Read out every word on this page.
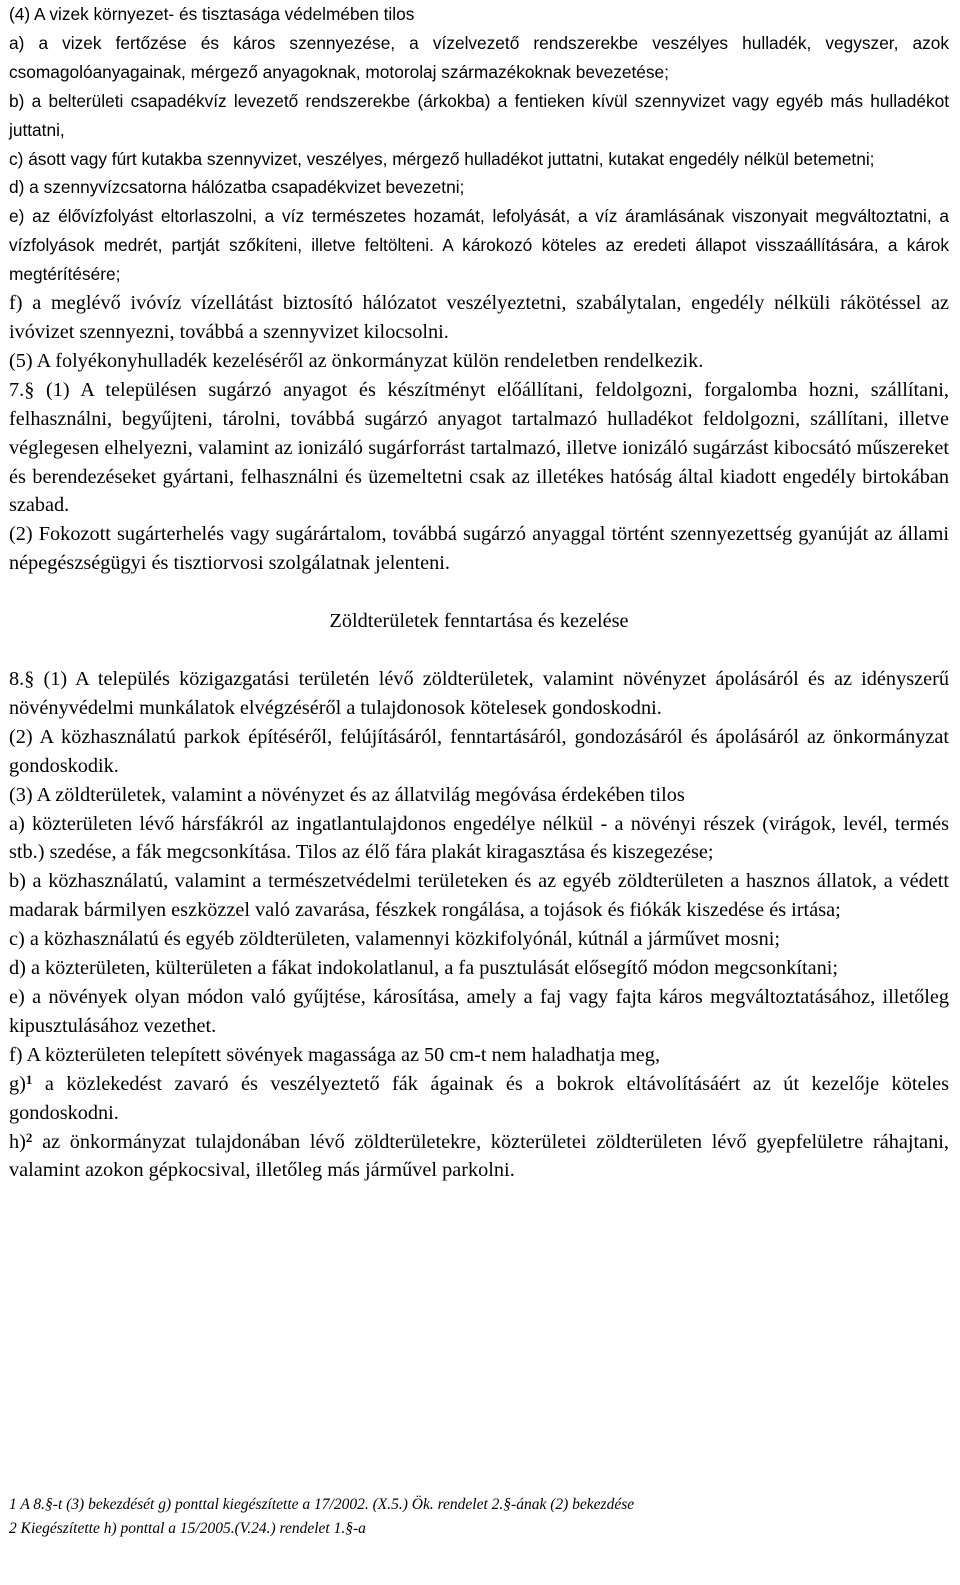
(4) A vizek környezet- és tisztasága védelmében tilos

a) a vizek fertőzése és káros szennyezése, a vízelvezető rendszerekbe veszélyes hulladék, vegyszer, azok csomagolóanyagainak, mérgező anyagoknak, motorolaj származékoknak bevezetése;

b) a belterületi csapadékvíz levezető rendszerekbe (árkokba) a fentieken kívül szennyvizet vagy egyéb más hulladékot juttatni,

c) ásott vagy fúrt kutakba szennyvizet, veszélyes, mérgező hulladékot juttatni, kutakat engedély nélkül betemetni;

d) a szennyvízcsatorna hálózatba csapadékvizet bevezetni;

e) az élővízfolyást eltorlaszolni, a víz természetes hozamát, lefolyását, a víz áramlásának viszonyait megváltoztatni, a vízfolyások medrét, partját szőkíteni, illetve feltölteni. A károkozó köteles az eredeti állapot visszaállítására, a károk megtérítésére;

f) a meglévő ivóvíz vízellátást biztosító hálózatot veszélyeztetni, szabálytalan, engedély nélküli rákötéssel az ivóvizet szennyezni, továbbá a szennyvizet kilocsolni.

(5) A folyékonyhulladék kezeléséről az önkormányzat külön rendeletben rendelkezik.

7.§ (1) A településen sugárzó anyagot és készítményt előállítani, feldolgozni, forgalomba hozni, szállítani, felhasználni, begyűjteni, tárolni, továbbá sugárzó anyagot tartalmazó hulladékot feldolgozni, szállítani, illetve véglegesen elhelyezni, valamint az ionizáló sugárforrást tartalmazó, illetve ionizáló sugárzást kibocsátó műszereket és berendezéseket gyártani, felhasználni és üzemeltetni csak az illetékes hatóság által kiadott engedély birtokában szabad.

(2) Fokozott sugárterhelés vagy sugárártalom, továbbá sugárzó anyaggal történt szennyezettség gyanúját az állami népegészségügyi és tisztiorvosi szolgálatnak jelenteni.

Zöldterületek fenntartása és kezelése

8.§ (1) A település közigazgatási területén lévő zöldterületek, valamint növényzet ápolásáról és az idényszerű növényvédelmi munkálatok elvégzéséről a tulajdonosok kötelesek gondoskodni.

(2) A közhasználatú parkok építéséről, felújításáról, fenntartásáról, gondozásáról és ápolásáról az önkormányzat gondoskodik.

(3) A zöldterületek, valamint a növényzet és az állatvilág megóvása érdekében tilos

a) közterületen lévő hársfákról az ingatlantulajdonos engedélye nélkül - a növényi részek (virágok, levél, termés stb.) szedése, a fák megcsonkítása. Tilos az élő fára plakát kiragasztása és kiszegezése;

b) a közhasználatú, valamint a természetvédelmi területeken és az egyéb zöldterületen a hasznos állatok, a védett madarak bármilyen eszközzel való zavarása, fészkek rongálása, a tojások és fiókák kiszedése és irtása;

c) a közhasználatú és egyéb zöldterületen, valamennyi közkifolyónál, kútnál a járművet mosni;

d) a közterületen, külterületen a fákat indokolatlanul, a fa pusztulását elősegítő módon megcsonkítani;

e) a növények olyan módon való gyűjtése, károsítása, amely a faj vagy fajta káros megváltoztatásához, illetőleg kipusztulásához vezethet.

f) A közterületen telepített sövények magassága az 50 cm-t nem haladhatja meg,

g)$^1$ a közlekedést zavaró és veszélyeztető fák ágainak és a bokrok eltávolításáért az út kezelője köteles gondoskodni.

h)$^2$ az önkormányzat tulajdonában lévő zöldterületekre, közterületei zöldterületen lévő gyepfelületre ráhajtani, valamint azokon gépkocsival, illetőleg más járművel parkolni.

1 A 8.§-t (3) bekezdését g) ponttal kiegészítette a 17/2002. (X.5.) Ök. rendelet 2.§-ának (2) bekezdése

2 Kiegészítette h) ponttal a 15/2005.(V.24.) rendelet 1.§-a
